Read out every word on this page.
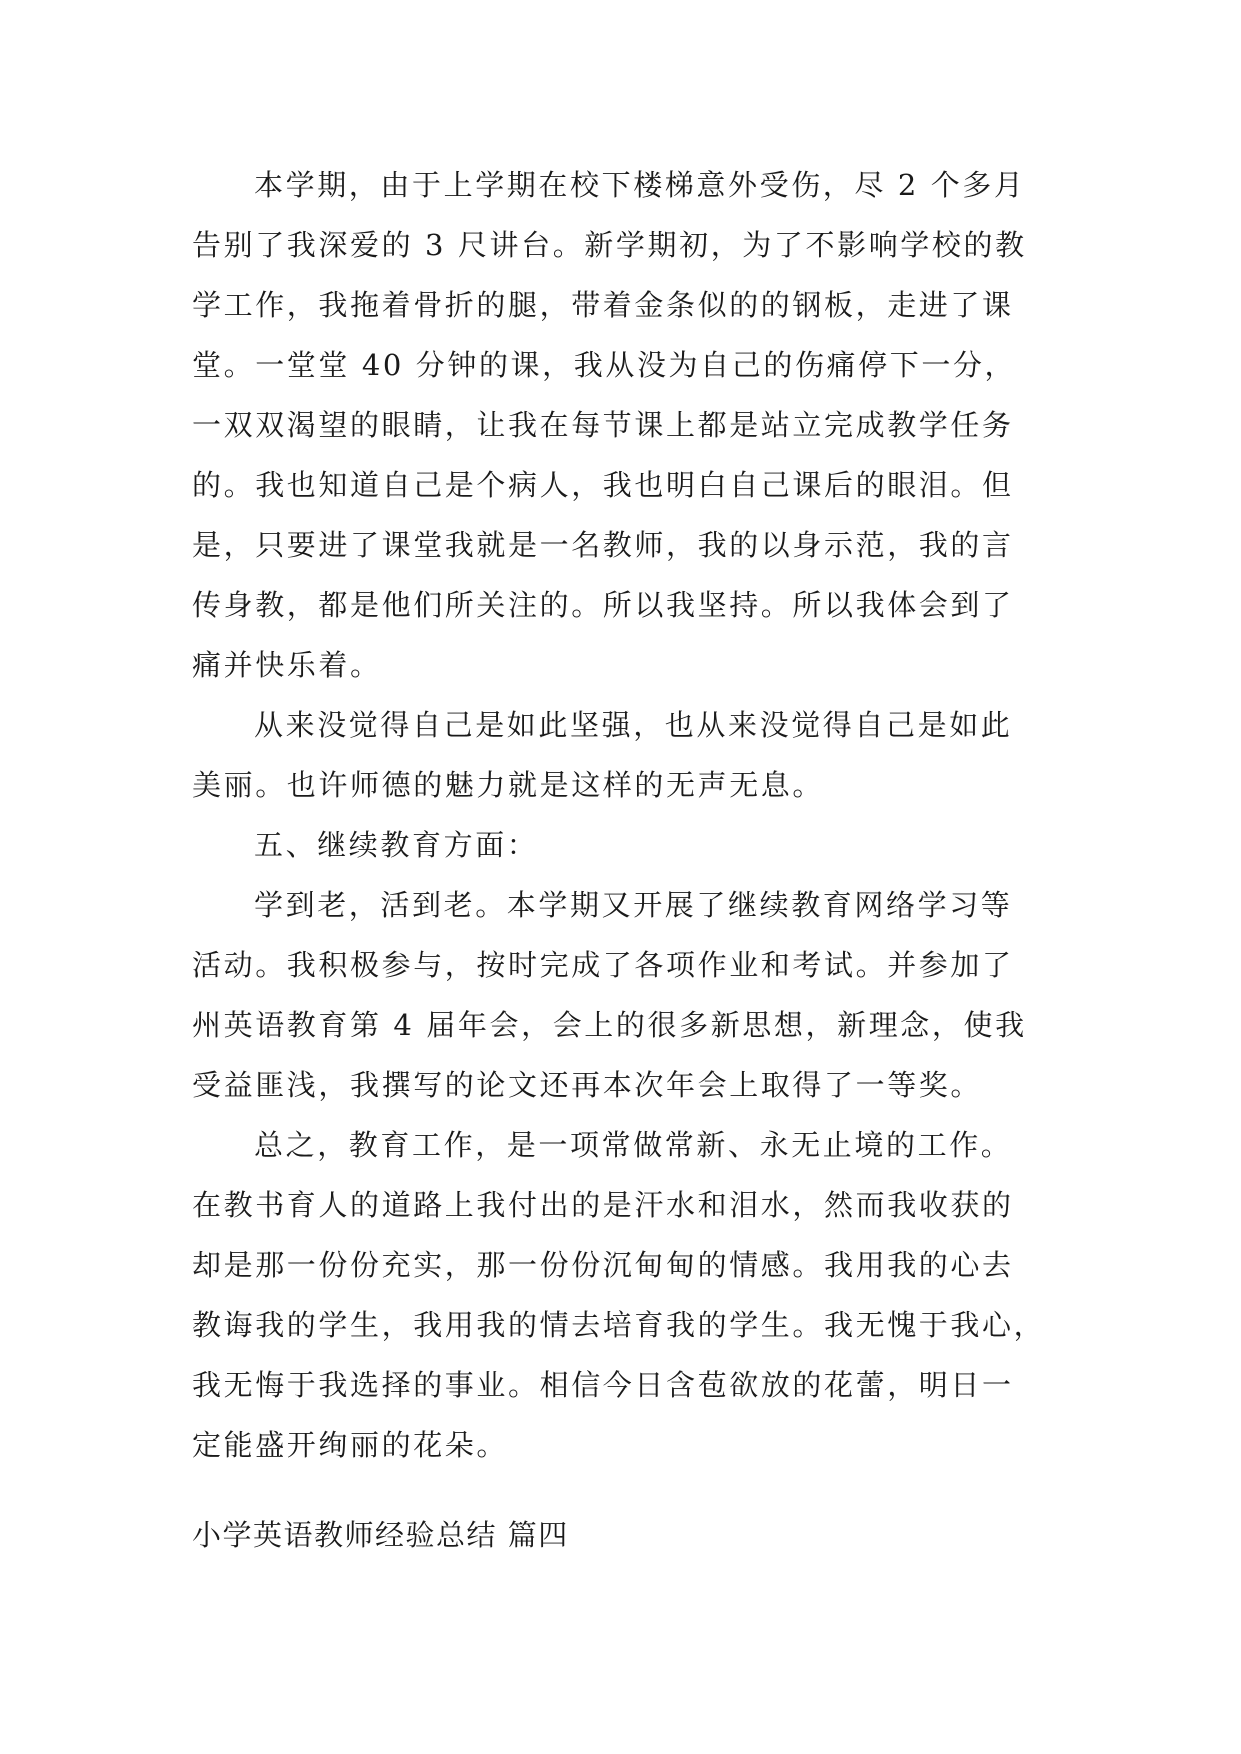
本学期，由于上学期在校下楼梯意外受伤，尽 2 个多月
告别了我深爱的 3 尺讲台。新学期初，为了不影响学校的教
学工作，我拖着骨折的腿，带着金条似的的钢板，走进了课
堂。一堂堂 40 分钟的课，我从没为自己的伤痛停下一分，
一双双渴望的眼睛，让我在每节课上都是站立完成教学任务
的。我也知道自己是个病人，我也明白自己课后的眼泪。但
是，只要进了课堂我就是一名教师，我的以身示范，我的言
传身教，都是他们所关注的。所以我坚持。所以我体会到了
痛并快乐着。
从来没觉得自己是如此坚强，也从来没觉得自己是如此
美丽。也许师德的魅力就是这样的无声无息。
五、继续教育方面：
学到老，活到老。本学期又开展了继续教育网络学习等
活动。我积极参与，按时完成了各项作业和考试。并参加了
州英语教育第 4 届年会，会上的很多新思想，新理念，使我
受益匪浅，我撰写的论文还再本次年会上取得了一等奖。
总之，教育工作，是一项常做常新、永无止境的工作。
在教书育人的道路上我付出的是汗水和泪水，然而我收获的
却是那一份份充实，那一份份沉甸甸的情感。我用我的心去
教诲我的学生，我用我的情去培育我的学生。我无愧于我心，
我无悔于我选择的事业。相信今日含苞欲放的花蕾，明日一
定能盛开绚丽的花朵。
小学英语教师经验总结 篇四
